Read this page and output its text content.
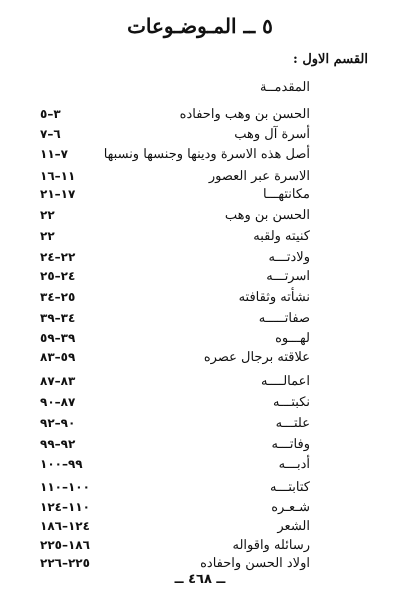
٥ ــ المـوضـوعات
القسم الاول :
المقدمــة
الحسن بن وهب واحفاده
٣–٥
أسرة آل وهب
٦–٧
أصل هذه الاسرة ودينها وجنسها ونسبها
٧–١١
الاسرة عبر العصور
١١–١٦
مكانتهـــا
١٧–٢١
الحسن بن وهب
٢٢
كنيته ولقبه
٢٢
ولادتـــه
٢٢–٢٤
اسرتـــه
٢٤–٢٥
نشأته وثقافته
٢٥–٣٤
صفاتـــــه
٣٤–٣٩
لهـــوه
٣٩–٥٩
علاقته برجال عصره
٥٩–٨٣
اعمالــــه
٨٣–٨٧
نكبتـــه
٨٧–٩٠
علتـــه
٩٠–٩٢
وفاتـــه
٩٢–٩٩
أدبـــه
٩٩–١٠٠
كتابتـــه
١٠٠–١١٠
شـعـره
١١٠–١٢٤
الشعر
١٢٤–١٨٦
رسائله واقواله
١٨٦–٢٢٥
اولاد الحسن واحفاده
٢٢٥–٢٢٦
ــ ٤٦٨ ــ
